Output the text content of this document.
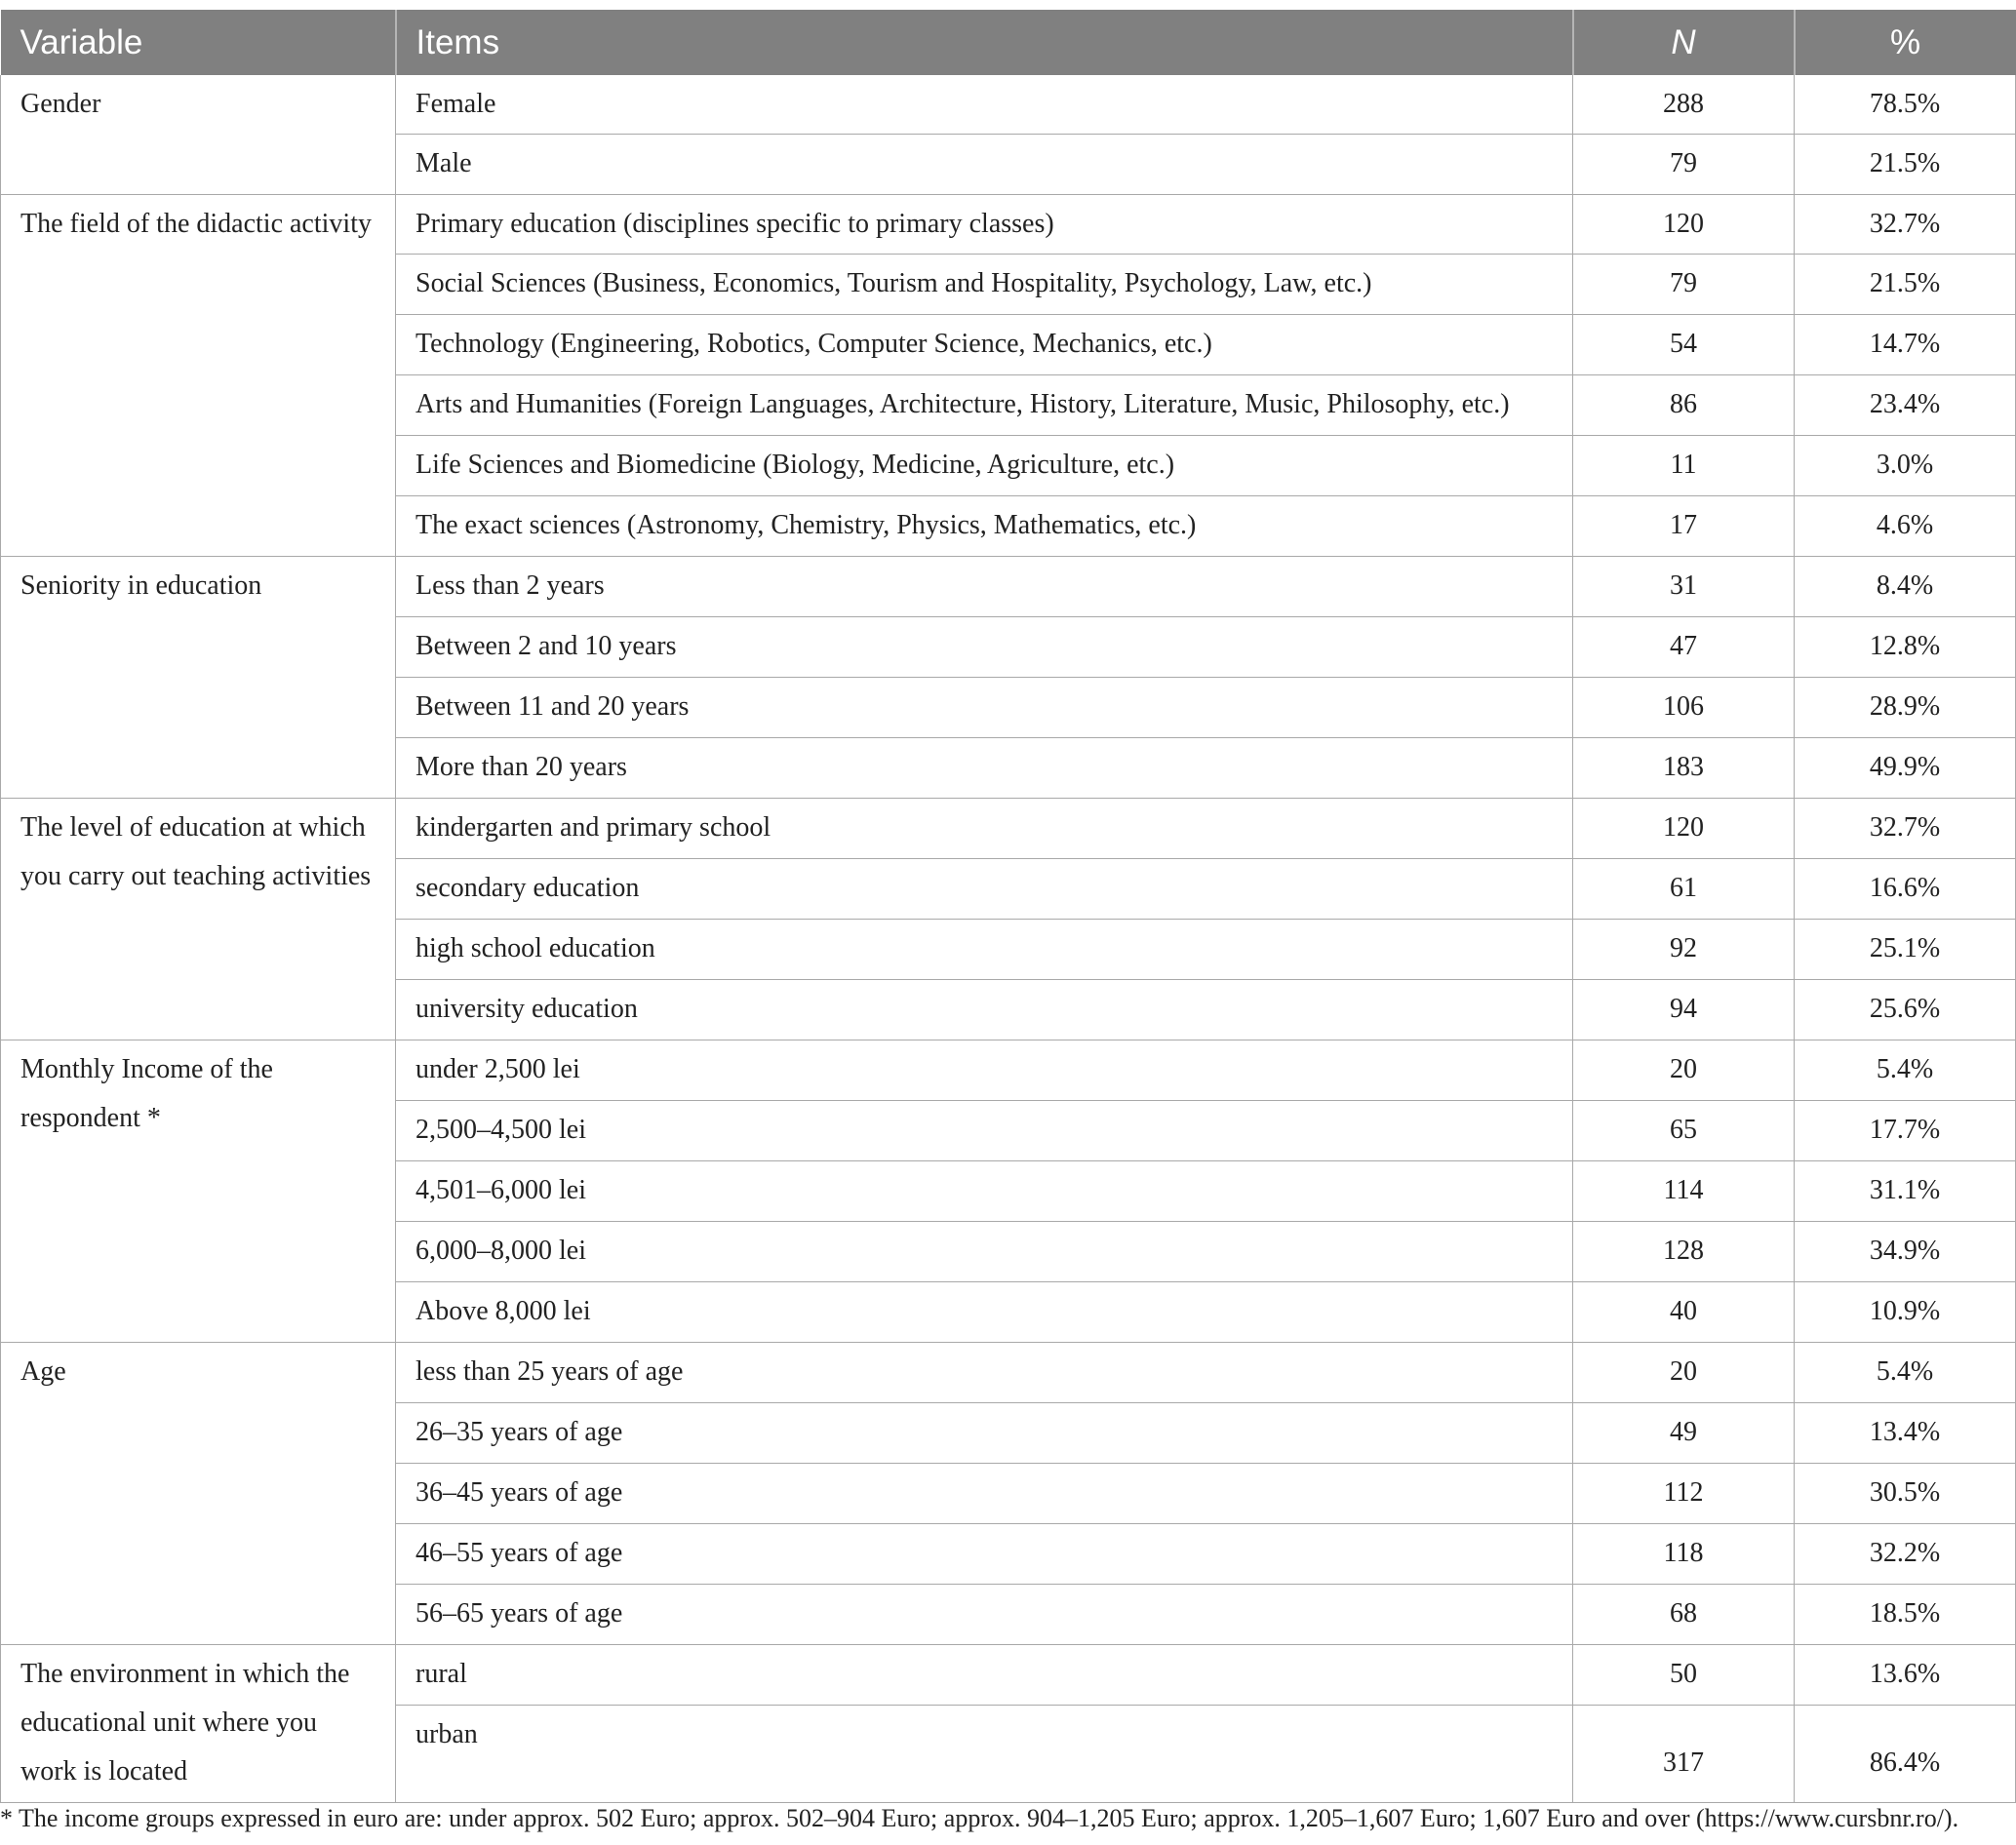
Variable	Items	N	%
Gender	Female	288	78.5%
	Male	79	21.5%
The field of the didactic activity	Primary education (disciplines specific to primary classes)	120	32.7%
	Social Sciences (Business, Economics, Tourism and Hospitality, Psychology, Law, etc.)	79	21.5%
	Technology (Engineering, Robotics, Computer Science, Mechanics, etc.)	54	14.7%
	Arts and Humanities (Foreign Languages, Architecture, History, Literature, Music, Philosophy, etc.)	86	23.4%
	Life Sciences and Biomedicine (Biology, Medicine, Agriculture, etc.)	11	3.0%
	The exact sciences (Astronomy, Chemistry, Physics, Mathematics, etc.)	17	4.6%
Seniority in education	Less than 2 years	31	8.4%
	Between 2 and 10 years	47	12.8%
	Between 11 and 20 years	106	28.9%
	More than 20 years	183	49.9%
The level of education at which you carry out teaching activities	kindergarten and primary school	120	32.7%
	secondary education	61	16.6%
	high school education	92	25.1%
	university education	94	25.6%
Monthly Income of the respondent *	under 2,500 lei	20	5.4%
	2,500–4,500 lei	65	17.7%
	4,501–6,000 lei	114	31.1%
	6,000–8,000 lei	128	34.9%
	Above 8,000 lei	40	10.9%
Age	less than 25 years of age	20	5.4%
	26–35 years of age	49	13.4%
	36–45 years of age	112	30.5%
	46–55 years of age	118	32.2%
	56–65 years of age	68	18.5%
The environment in which the educational unit where you work is located	rural	50	13.6%
	urban	317	86.4%
* The income groups expressed in euro are: under approx. 502 Euro; approx. 502–904 Euro; approx. 904–1,205 Euro; approx. 1,205–1,607 Euro; 1,607 Euro and over (https://www.cursbnr.ro/).
